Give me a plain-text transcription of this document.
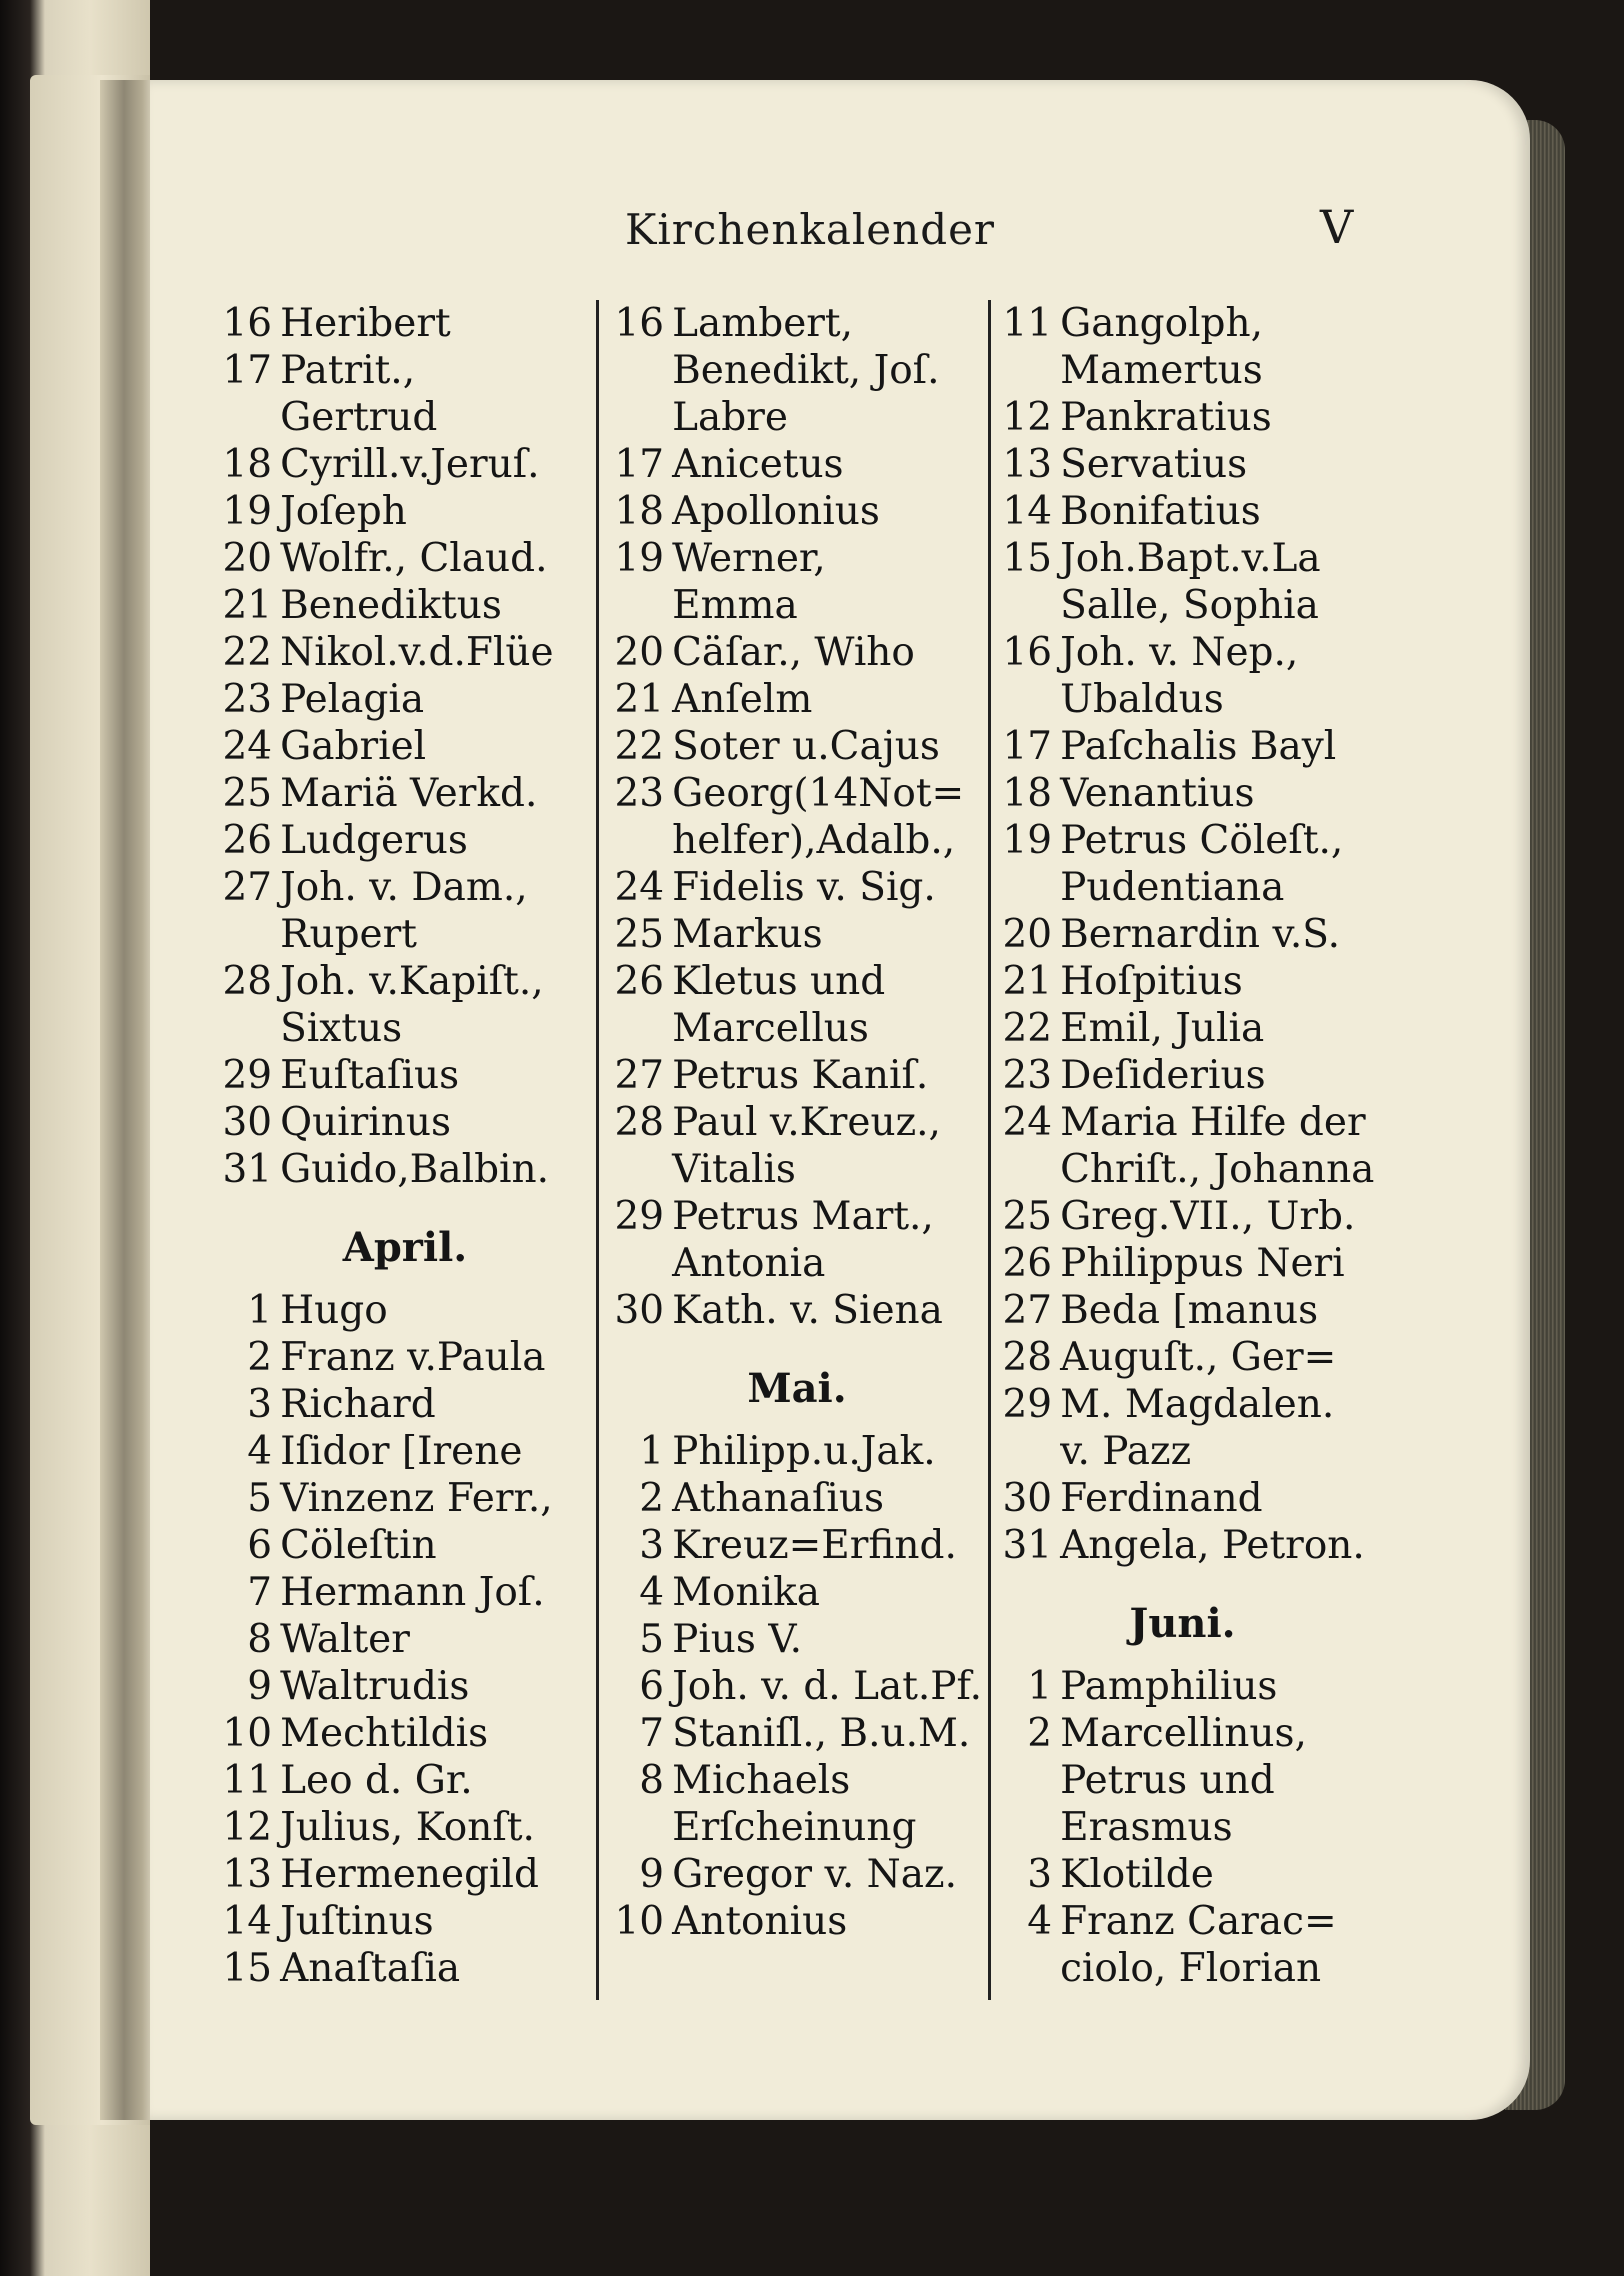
Kirchenkalender	V
16 Heribert
17 Patrit.,
Gertrud
18 Cyrill.v.Jeruſ.
19 Joſeph
20 Wolfr., Claud.
21 Benediktus
22 Nikol.v.d.Flüe
23 Pelagia
24 Gabriel
25 Mariä Verkd.
26 Ludgerus
27 Joh. v. Dam.,
Rupert
28 Joh. v.Kapiſt.,
Sixtus
29 Euſtaſius
30 Quirinus
31 Guido,Balbin.
April.
1 Hugo
2 Franz v.Paula
3 Richard
4 Iſidor [Irene
5 Vinzenz Ferr.,
6 Cöleſtin
7 Hermann Joſ.
8 Walter
9 Waltrudis
10 Mechtildis
11 Leo d. Gr.
12 Julius, Konſt.
13 Hermenegild
14 Juſtinus
15 Anaſtaſia
16 Lambert,
Benedikt, Joſ.
Labre
17 Anicetus
18 Apollonius
19 Werner,
Emma
20 Cäſar., Wiho
21 Anſelm
22 Soter u.Cajus
23 Georg(14Not=
helfer),Adalb.,
24 Fidelis v. Sig.
25 Markus
26 Kletus und
Marcellus
27 Petrus Kaniſ.
28 Paul v.Kreuz.,
Vitalis
29 Petrus Mart.,
Antonia
30 Kath. v. Siena
Mai.
1 Philipp.u.Jak.
2 Athanaſius
3 Kreuz=Erfind.
4 Monika
5 Pius V.
6 Joh. v. d. Lat.Pf.
7 Staniſl., B.u.M.
8 Michaels
Erſcheinung
9 Gregor v. Naz.
10 Antonius
11 Gangolph,
Mamertus
12 Pankratius
13 Servatius
14 Bonifatius
15 Joh.Bapt.v.La
Salle, Sophia
16 Joh. v. Nep.,
Ubaldus
17 Paſchalis Bayl
18 Venantius
19 Petrus Cöleſt.,
Pudentiana
20 Bernardin v.S.
21 Hoſpitius
22 Emil, Julia
23 Deſiderius
24 Maria Hilfe der
Chriſt., Johanna
25 Greg.VII., Urb.
26 Philippus Neri
27 Beda [manus
28 Auguſt., Ger=
29 M. Magdalen.
v. Pazz
30 Ferdinand
31 Angela, Petron.
Juni.
1 Pamphilius
2 Marcellinus,
Petrus und
Erasmus
3 Klotilde
4 Franz Carac=
ciolo, Florian
